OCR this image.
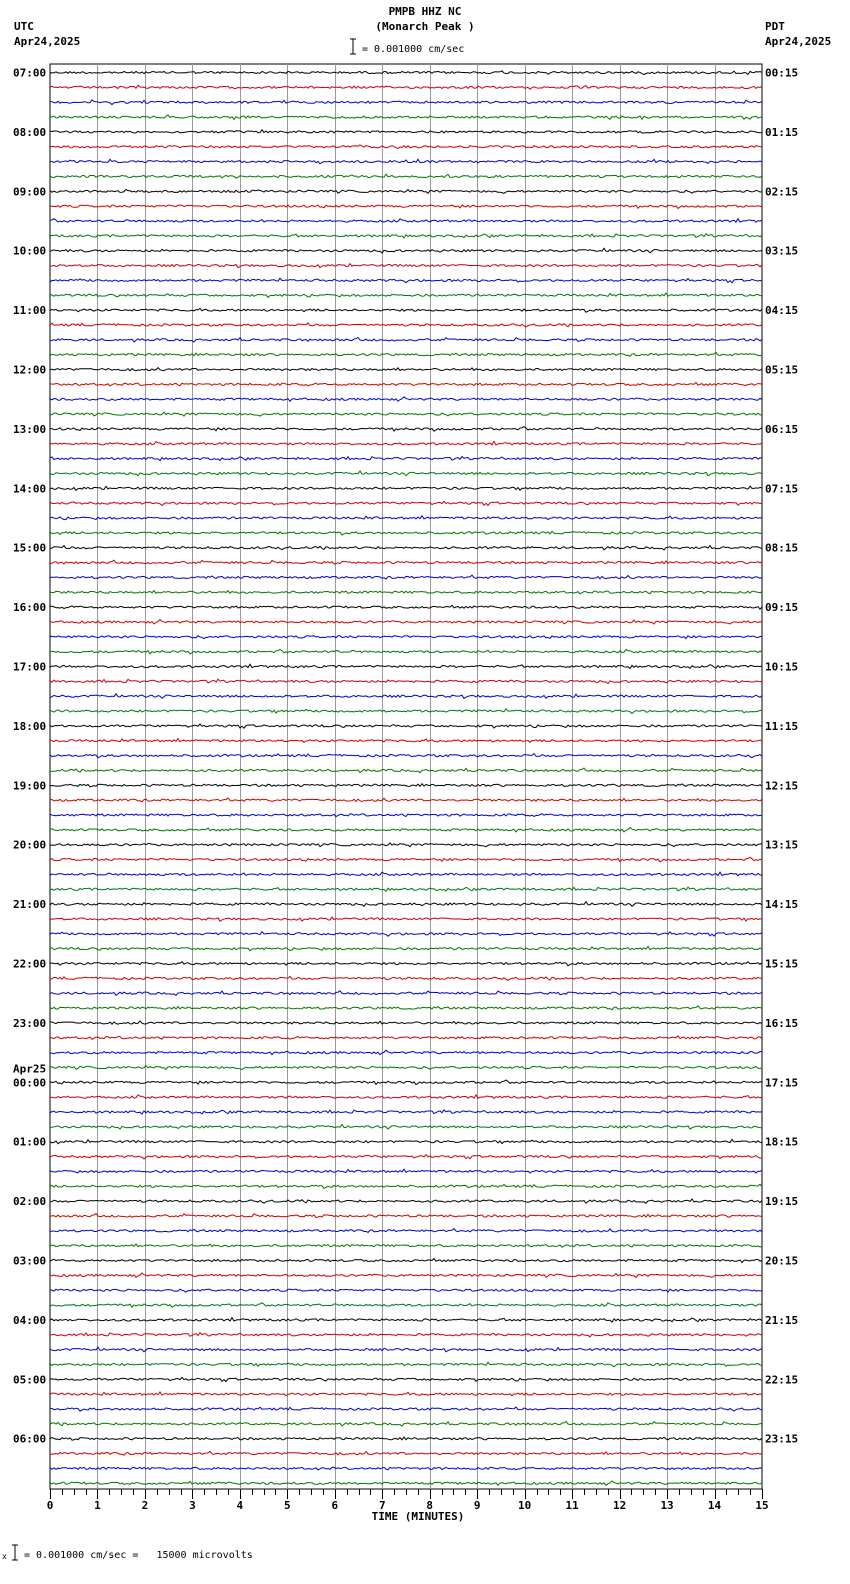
PMPB HHZ NC
(Monarch Peak )
= 0.001000 cm/sec
UTC
Apr24,2025
PDT
Apr24,2025
07:00
08:00
09:00
10:00
11:00
12:00
13:00
14:00
15:00
16:00
17:00
18:00
19:00
20:00
21:00
22:00
23:00
00:00
Apr25
01:00
02:00
03:00
04:00
05:00
06:00
00:15
01:15
02:15
03:15
04:15
05:15
06:15
07:15
08:15
09:15
10:15
11:15
12:15
13:15
14:15
15:15
16:15
17:15
18:15
19:15
20:15
21:15
22:15
23:15
0	1	2	3	4	5	6	7	8	9	10	11	12	13	14	15
TIME (MINUTES)
x = 0.001000 cm/sec =   15000 microvolts
